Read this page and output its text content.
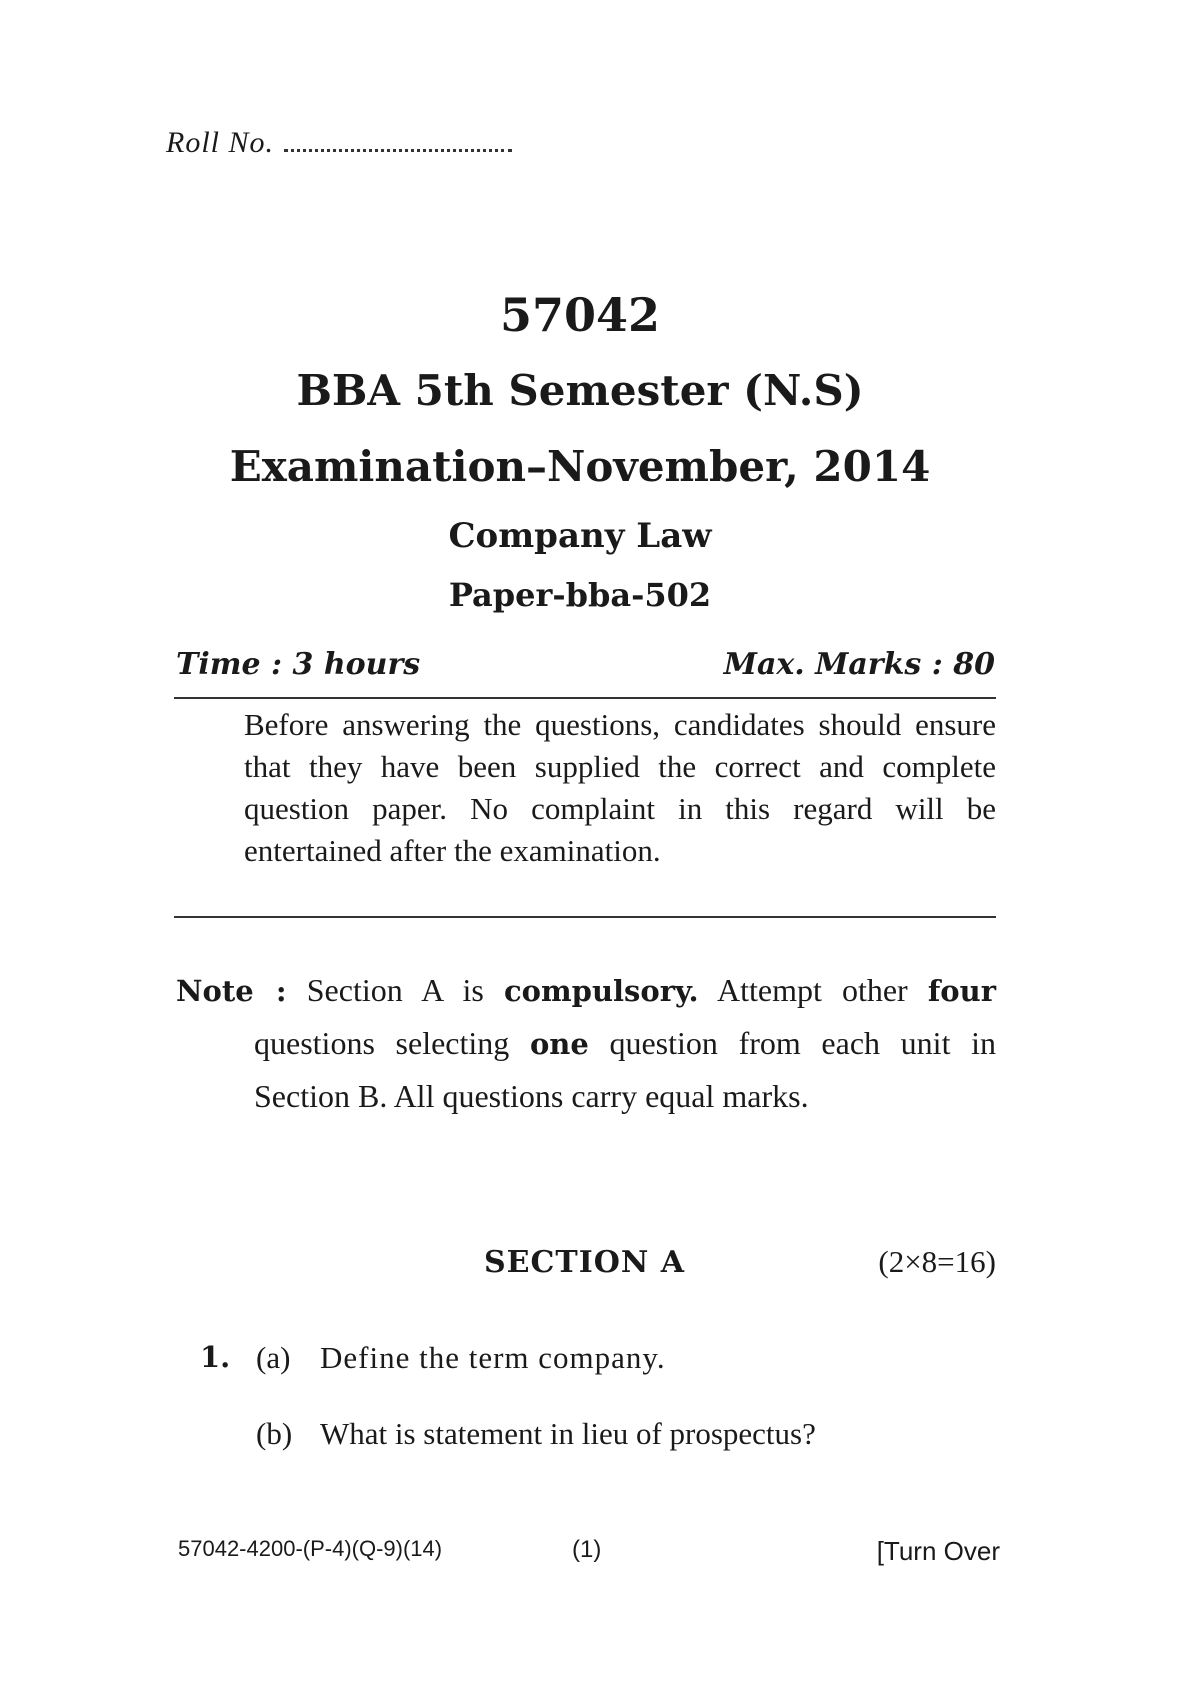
Roll No.
57042
BBA 5th Semester (N.S)
Examination–November, 2014
Company Law
Paper-bba-502
Time : 3 hours	Max. Marks : 80
Before answering the questions, candidates should ensure that they have been supplied the correct and complete question paper. No complaint in this regard will be entertained after the examination.
Note : Section A is compulsory. Attempt other four questions selecting one question from each unit in Section B. All questions carry equal marks.
SECTION A	(2×8=16)
1. (a) Define the term company.
(b) What is statement in lieu of prospectus?
57042-4200-(P-4)(Q-9)(14)	(1)	[Turn Over
